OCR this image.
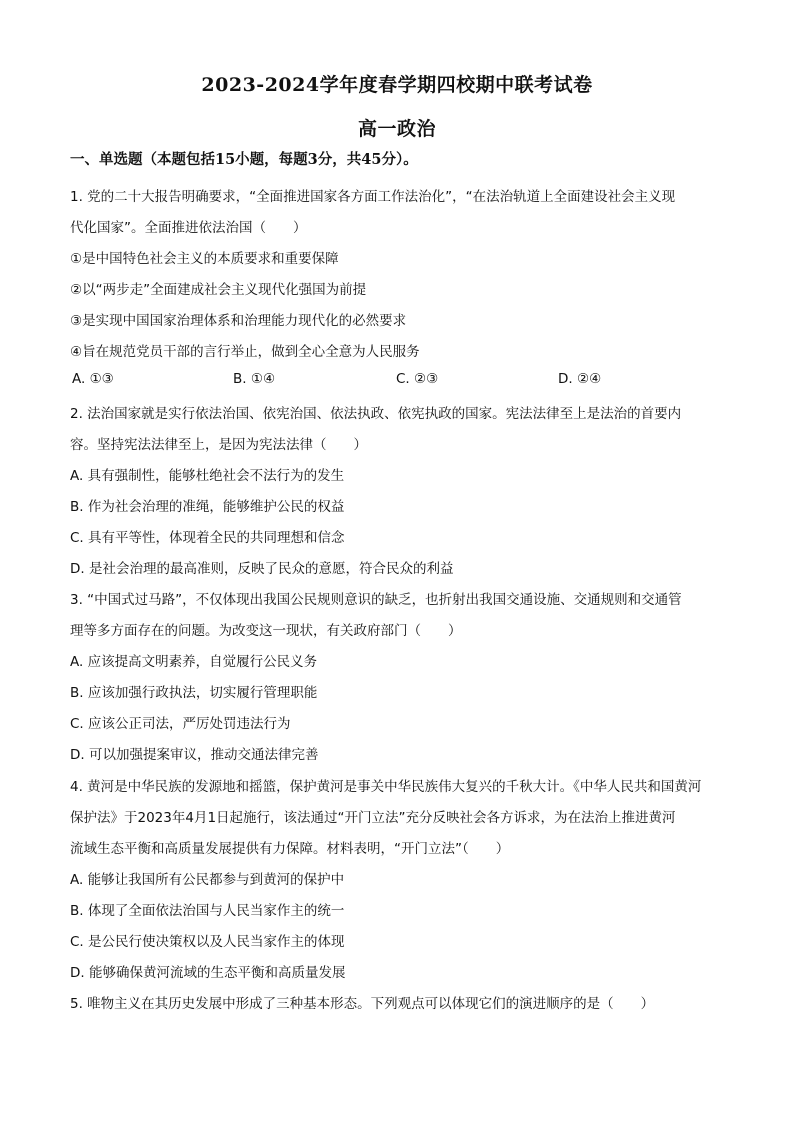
2023-2024学年度春学期四校期中联考试卷
高一政治
一、单选题（本题包括15小题，每题3分，共45分）。
1. 党的二十大报告明确要求，“全面推进国家各方面工作法治化”，“在法治轨道上全面建设社会主义现
代化国家”。全面推进依法治国（　　）
①是中国特色社会主义的本质要求和重要保障
②以“两步走”全面建成社会主义现代化强国为前提
③是实现中国国家治理体系和治理能力现代化的必然要求
④旨在规范党员干部的言行举止，做到全心全意为人民服务
A. ①③	B. ①④	C. ②③	D. ②④
2. 法治国家就是实行依法治国、依宪治国、依法执政、依宪执政的国家。宪法法律至上是法治的首要内
容。坚持宪法法律至上，是因为宪法法律（　　）
A. 具有强制性，能够杜绝社会不法行为的发生
B. 作为社会治理的准绳，能够维护公民的权益
C. 具有平等性，体现着全民的共同理想和信念
D. 是社会治理的最高准则，反映了民众的意愿，符合民众的利益
3. “中国式过马路”，不仅体现出我国公民规则意识的缺乏，也折射出我国交通设施、交通规则和交通管
理等多方面存在的问题。为改变这一现状，有关政府部门（　　）
A. 应该提高文明素养，自觉履行公民义务
B. 应该加强行政执法，切实履行管理职能
C. 应该公正司法，严厉处罚违法行为
D. 可以加强提案审议，推动交通法律完善
4. 黄河是中华民族的发源地和摇篮，保护黄河是事关中华民族伟大复兴的千秋大计。《中华人民共和国黄河
保护法》于2023年4月1日起施行，该法通过“开门立法”充分反映社会各方诉求，为在法治上推进黄河
流域生态平衡和高质量发展提供有力保障。材料表明，“开门立法”（　　）
A. 能够让我国所有公民都参与到黄河的保护中
B. 体现了全面依法治国与人民当家作主的统一
C. 是公民行使决策权以及人民当家作主的体现
D. 能够确保黄河流域的生态平衡和高质量发展
5. 唯物主义在其历史发展中形成了三种基本形态。下列观点可以体现它们的演进顺序的是（　　）
